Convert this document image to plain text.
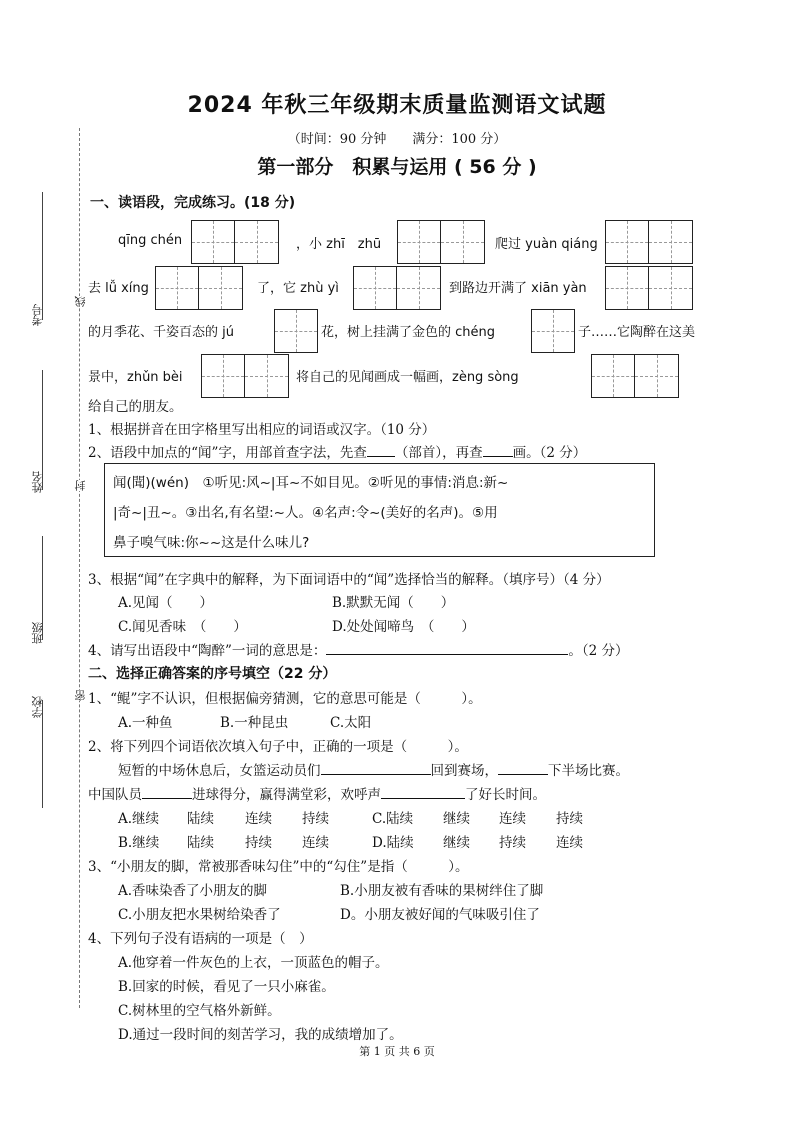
2024 年秋三年级期末质量监测语文试题
（时间：90 分钟　　满分：100 分）
第一部分　积累与运用 ( 56 分 )
考号
姓名
班级
学校
线
封
密
一、读语段，完成练习。(18 分)
qīng chén	，小 zhī　zhū	爬过 yuàn qiáng
去 lǚ xíng	了，它 zhù yì	到路边开满了 xiān yàn
的月季花、千姿百态的 jú	花，树上挂满了金色的 chéng	子……它陶醉在这美
景中，zhǔn bèi	将自己的见闻画成一幅画，zèng sòng
给自己的朋友。
1、根据拼音在田字格里写出相应的词语或汉字。（10 分）
2、语段中加点的“闻”字，用部首查字法，先查 （部首），再查 画。（2 分）
闻(聞)(wén)　①听见:风~|耳~不如目见。②听见的事情:消息:新~
|奇~|丑~。③出名,有名望:~人。④名声:令~(美好的名声)。⑤用
鼻子嗅气味:你~~这是什么味儿?
3、根据“闻”在字典中的解释，为下面词语中的“闻”选择恰当的解释。（填序号）（4 分）
A.见闻（　　）	B.默默无闻（　　）
C.闻见香味　（　　）	D.处处闻啼鸟　（　　）
4、请写出语段中“陶醉”一词的意思是：	。（2 分）
二、选择正确答案的序号填空（22 分）
1、“鲲”字不认识，但根据偏旁猜测，它的意思可能是（　　　）。
A.一种鱼	B.一种昆虫	C.太阳
2、将下列四个词语依次填入句子中，正确的一项是（　　　）。
短暂的中场休息后，女篮运动员们	回到赛场，	下半场比赛。
中国队员	进球得分，赢得满堂彩，欢呼声	了好长时间。
A.继续 陆续 连续 持续	C.陆续 继续 连续 持续
B.继续 陆续 持续 连续	D.陆续 继续 持续 连续
3、“小朋友的脚，常被那香味勾住”中的“勾住”是指（　　　）。
A.香味染香了小朋友的脚	B.小朋友被有香味的果树绊住了脚
C.小朋友把水果树给染香了	D。小朋友被好闻的气味吸引住了
4、下列句子没有语病的一项是（　）
A.他穿着一件灰色的上衣，一顶蓝色的帽子。
B.回家的时候，看见了一只小麻雀。
C.树林里的空气格外新鲜。
D.通过一段时间的刻苦学习，我的成绩增加了。
第 1 页 共 6 页
